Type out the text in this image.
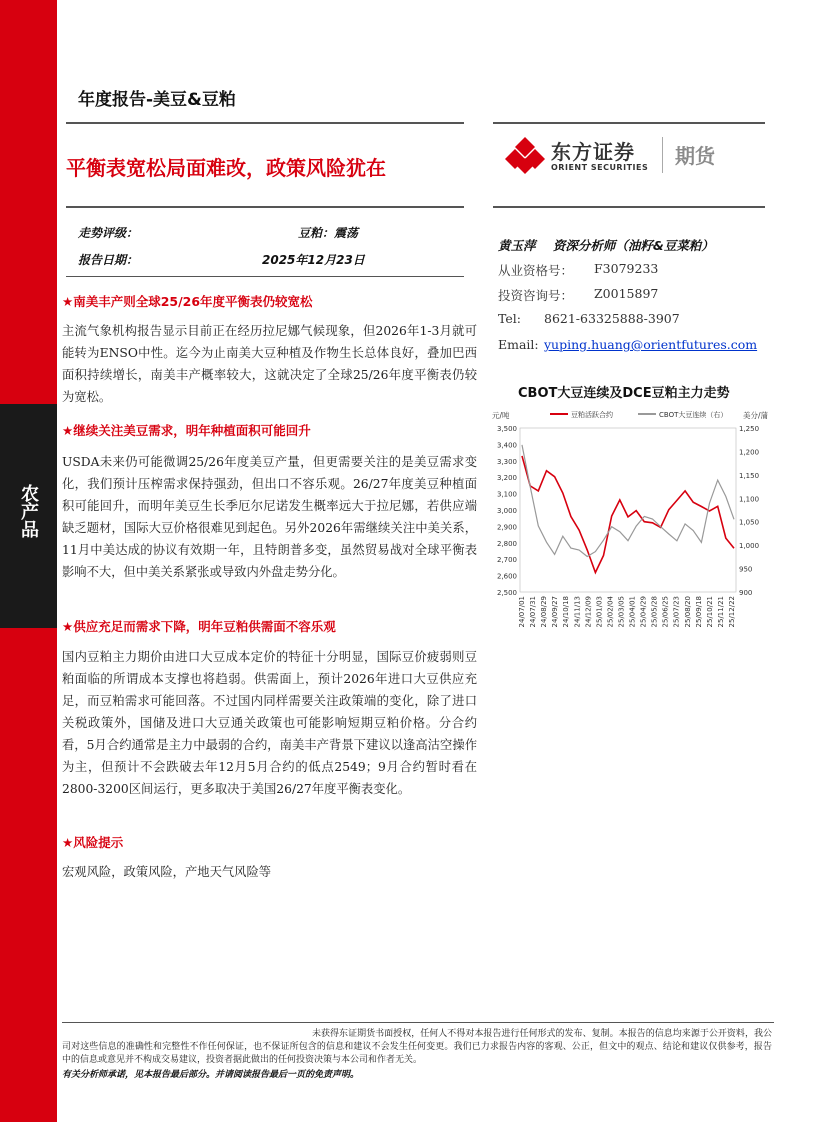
农产品
年度报告-美豆&豆粕
平衡表宽松局面难改，政策风险犹在
东方证券
ORIENT SECURITIES 期货
走势评级：	豆粕：震荡
报告日期：	2025年12月23日
★南美丰产则全球25/26年度平衡表仍较宽松
主流气象机构报告显示目前正在经历拉尼娜气候现象，但2026年1-3月就可能转为ENSO中性。迄今为止南美大豆种植及作物生长总体良好，叠加巴西面积持续增长，南美丰产概率较大，这就决定了全球25/26年度平衡表仍较为宽松。
★继续关注美豆需求，明年种植面积可能回升
USDA未来仍可能微调25/26年度美豆产量，但更需要关注的是美豆需求变化，我们预计压榨需求保持强劲，但出口不容乐观。26/27年度美豆种植面积可能回升，而明年美豆生长季厄尔尼诺发生概率远大于拉尼娜，若供应端缺乏题材，国际大豆价格很难见到起色。另外2026年需继续关注中美关系，11月中美达成的协议有效期一年，且特朗普多变，虽然贸易战对全球平衡表影响不大，但中美关系紧张或导致内外盘走势分化。
★供应充足而需求下降，明年豆粕供需面不容乐观
国内豆粕主力期价由进口大豆成本定价的特征十分明显，国际豆价疲弱则豆粕面临的所谓成本支撑也将趋弱。供需面上，预计2026年进口大豆供应充足，而豆粕需求可能回落。不过国内同样需要关注政策端的变化，除了进口关税政策外，国储及进口大豆通关政策也可能影响短期豆粕价格。分合约看，5月合约通常是主力中最弱的合约，南美丰产背景下建议以逢高沽空操作为主，但预计不会跌破去年12月5月合约的低点2549；9月合约暂时看在2800-3200区间运行，更多取决于美国26/27年度平衡表变化。
★风险提示
宏观风险，政策风险，产地天气风险等
黄玉萍    资深分析师（油籽&豆菜粕）
从业资格号： F3079233
投资咨询号： Z0015897
Tel: 8621-63325888-3907
Email: yuping.huang@orientfutures.com
CBOT大豆连续及DCE豆粕主力走势
元/吨	美分/蒲
2,500
2,600
2,700
2,800
2,900
3,000
3,100
3,200
3,300
3,400
3,500
900
950
1,000
1,050
1,100
1,150
1,200
1,250
豆粕活跃合约	CBOT大豆连续（右）
24/07/01 24/07/31 24/08/29 24/09/27 24/10/18 24/11/13 24/12/09 25/01/03 25/02/04 25/03/05 25/04/01 25/04/29 25/05/28 25/06/25 25/07/23 25/08/20 25/09/18 25/10/21 25/11/21 25/12/22
未获得东证期货书面授权，任何人不得对本报告进行任何形式的发布、复制。本报告的信息均来源于公开资料，我公司对这些信息的准确性和完整性不作任何保证，也不保证所包含的信息和建议不会发生任何变更。我们已力求报告内容的客观、公正，但文中的观点、结论和建议仅供参考，报告中的信息或意见并不构成交易建议，投资者据此做出的任何投资决策与本公司和作者无关。
有关分析师承诺，见本报告最后部分。并请阅读报告最后一页的免责声明。
